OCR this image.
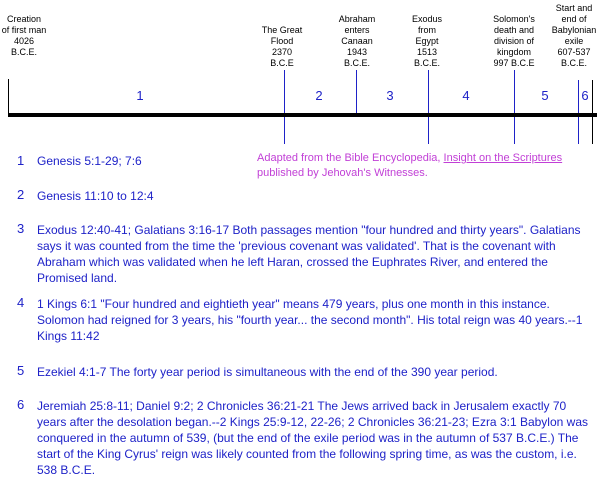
Creation
of first man
4026
B.C.E.
The Great
Flood
2370
B.C.E
Abraham
enters
Canaan
1943
B.C.E.
Exodus
from
Egypt
1513
B.C.E.
Solomon's
death and
division of
kingdom
997 B.C.E
Start and
end of
Babylonian
exile
607-537
B.C.E.
1	2	3	4	5	6
Adapted from the Bible Encyclopedia, Insight on the Scriptures published by Jehovah's Witnesses.
1 Genesis 5:1-29; 7:6
2 Genesis 11:10 to 12:4
3 Exodus 12:40-41; Galatians 3:16-17 Both passages mention "four hundred and thirty years". Galatians says it was counted from the time the 'previous covenant was validated'. That is the covenant with Abraham which was validated when he left Haran, crossed the Euphrates River, and entered the Promised land.
4 1 Kings 6:1 "Four hundred and eightieth year" means 479 years, plus one month in this instance. Solomon had reigned for 3 years, his "fourth year... the second month". His total reign was 40 years.--1 Kings 11:42
5 Ezekiel 4:1-7 The forty year period is simultaneous with the end of the 390 year period.
6 Jeremiah 25:8-11; Daniel 9:2; 2 Chronicles 36:21-21 The Jews arrived back in Jerusalem exactly 70 years after the desolation began.--2 Kings 25:9-12, 22-26; 2 Chronicles 36:21-23; Ezra 3:1 Babylon was conquered in the autumn of 539, (but the end of the exile period was in the autumn of 537 B.C.E.) The start of the King Cyrus' reign was likely counted from the following spring time, as was the custom, i.e. 538 B.C.E.
